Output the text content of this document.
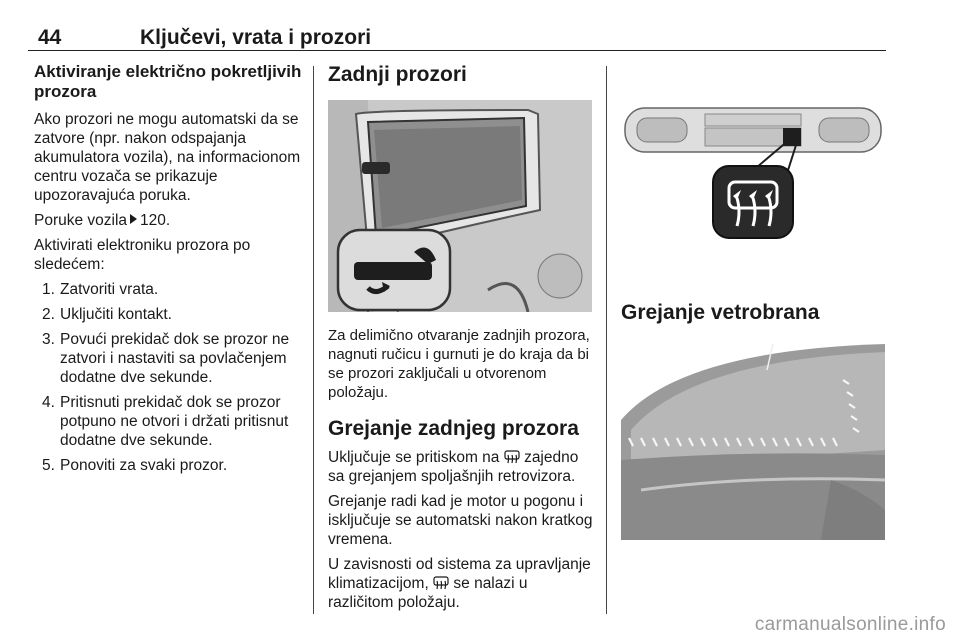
44	Ključevi, vrata i prozori
Aktiviranje električno pokretljivih prozora

Ako prozori ne mogu automatski da se zatvore (npr. nakon odspajanja akumulatora vozila), na informacionom centru vozača se prikazuje upozoravajuća poruka.

Poruke vozila 120.

Aktivirati elektroniku prozora po sledećem:

1. Zatvoriti vrata.
2. Uključiti kontakt.
3. Povući prekidač dok se prozor ne zatvori i nastaviti sa povlačenjem dodatne dve sekunde.
4. Pritisnuti prekidač dok se prozor potpuno ne otvori i držati pritisnut dodatne dve sekunde.
5. Ponoviti za svaki prozor.
Zadnji prozori

Za delimično otvaranje zadnjih prozora, nagnuti ručicu i gurnuti je do kraja da bi se prozori zaključali u otvorenom položaju.

Grejanje zadnjeg prozora

Uključuje se pritiskom na zajedno sa grejanjem spoljašnjih retrovizora.

Grejanje radi kad je motor u pogonu i isključuje se automatski nakon kratkog vremena.

U zavisnosti od sistema za upravljanje klimatizacijom, se nalazi u različitom položaju.

Grejanje vetrobrana
carmanualsonline.info
